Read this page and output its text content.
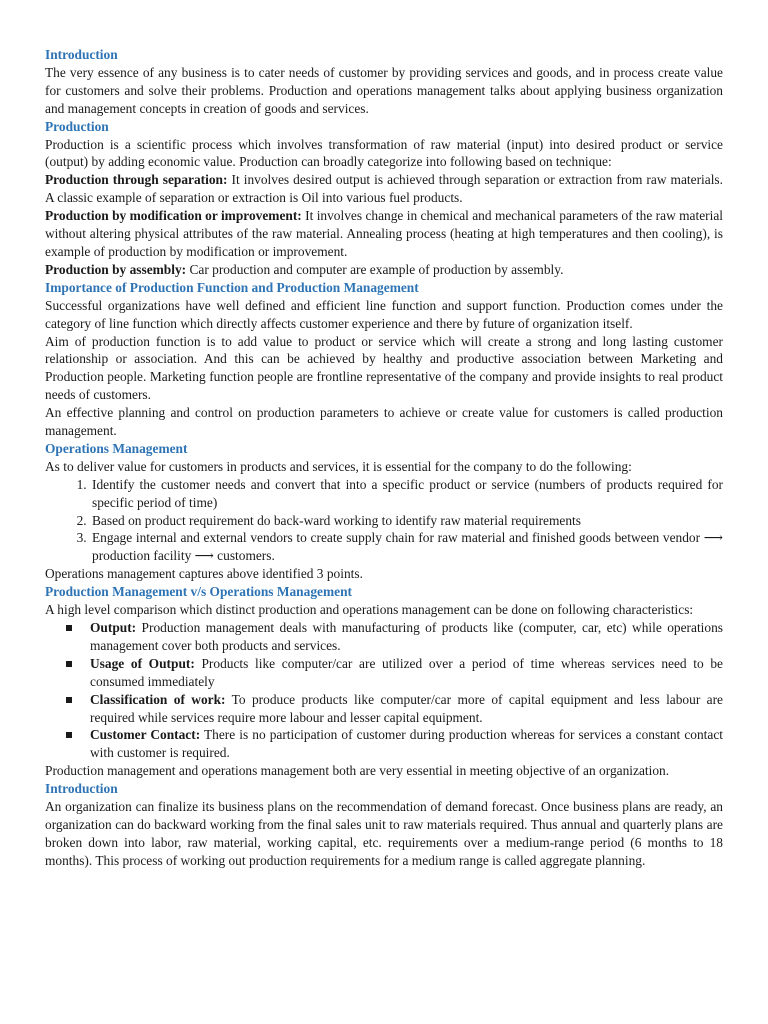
Introduction

The very essence of any business is to cater needs of customer by providing services and goods, and in process create value for customers and solve their problems. Production and operations management talks about applying business organization and management concepts in creation of goods and services.

Production

Production is a scientific process which involves transformation of raw material (input) into desired product or service (output) by adding economic value. Production can broadly categorize into following based on technique:

Production through separation: It involves desired output is achieved through separation or extraction from raw materials. A classic example of separation or extraction is Oil into various fuel products.

Production by modification or improvement: It involves change in chemical and mechanical parameters of the raw material without altering physical attributes of the raw material. Annealing process (heating at high temperatures and then cooling), is example of production by modification or improvement.

Production by assembly: Car production and computer are example of production by assembly.

Importance of Production Function and Production Management

Successful organizations have well defined and efficient line function and support function. Production comes under the category of line function which directly affects customer experience and there by future of organization itself.

Aim of production function is to add value to product or service which will create a strong and long lasting customer relationship or association. And this can be achieved by healthy and productive association between Marketing and Production people. Marketing function people are frontline representative of the company and provide insights to real product needs of customers.

An effective planning and control on production parameters to achieve or create value for customers is called production management.

Operations Management

As to deliver value for customers in products and services, it is essential for the company to do the following:

1. Identify the customer needs and convert that into a specific product or service (numbers of products required for specific period of time)
2. Based on product requirement do back-ward working to identify raw material requirements
3. Engage internal and external vendors to create supply chain for raw material and finished goods between vendor ⟶ production facility ⟶ customers.

Operations management captures above identified 3 points.

Production Management v/s Operations Management

A high level comparison which distinct production and operations management can be done on following characteristics:

Output: Production management deals with manufacturing of products like (computer, car, etc) while operations management cover both products and services.
Usage of Output: Products like computer/car are utilized over a period of time whereas services need to be consumed immediately
Classification of work: To produce products like computer/car more of capital equipment and less labour are required while services require more labour and lesser capital equipment.
Customer Contact: There is no participation of customer during production whereas for services a constant contact with customer is required.

Production management and operations management both are very essential in meeting objective of an organization.

Introduction

An organization can finalize its business plans on the recommendation of demand forecast. Once business plans are ready, an organization can do backward working from the final sales unit to raw materials required. Thus annual and quarterly plans are broken down into labor, raw material, working capital, etc. requirements over a medium-range period (6 months to 18 months). This process of working out production requirements for a medium range is called aggregate planning.
